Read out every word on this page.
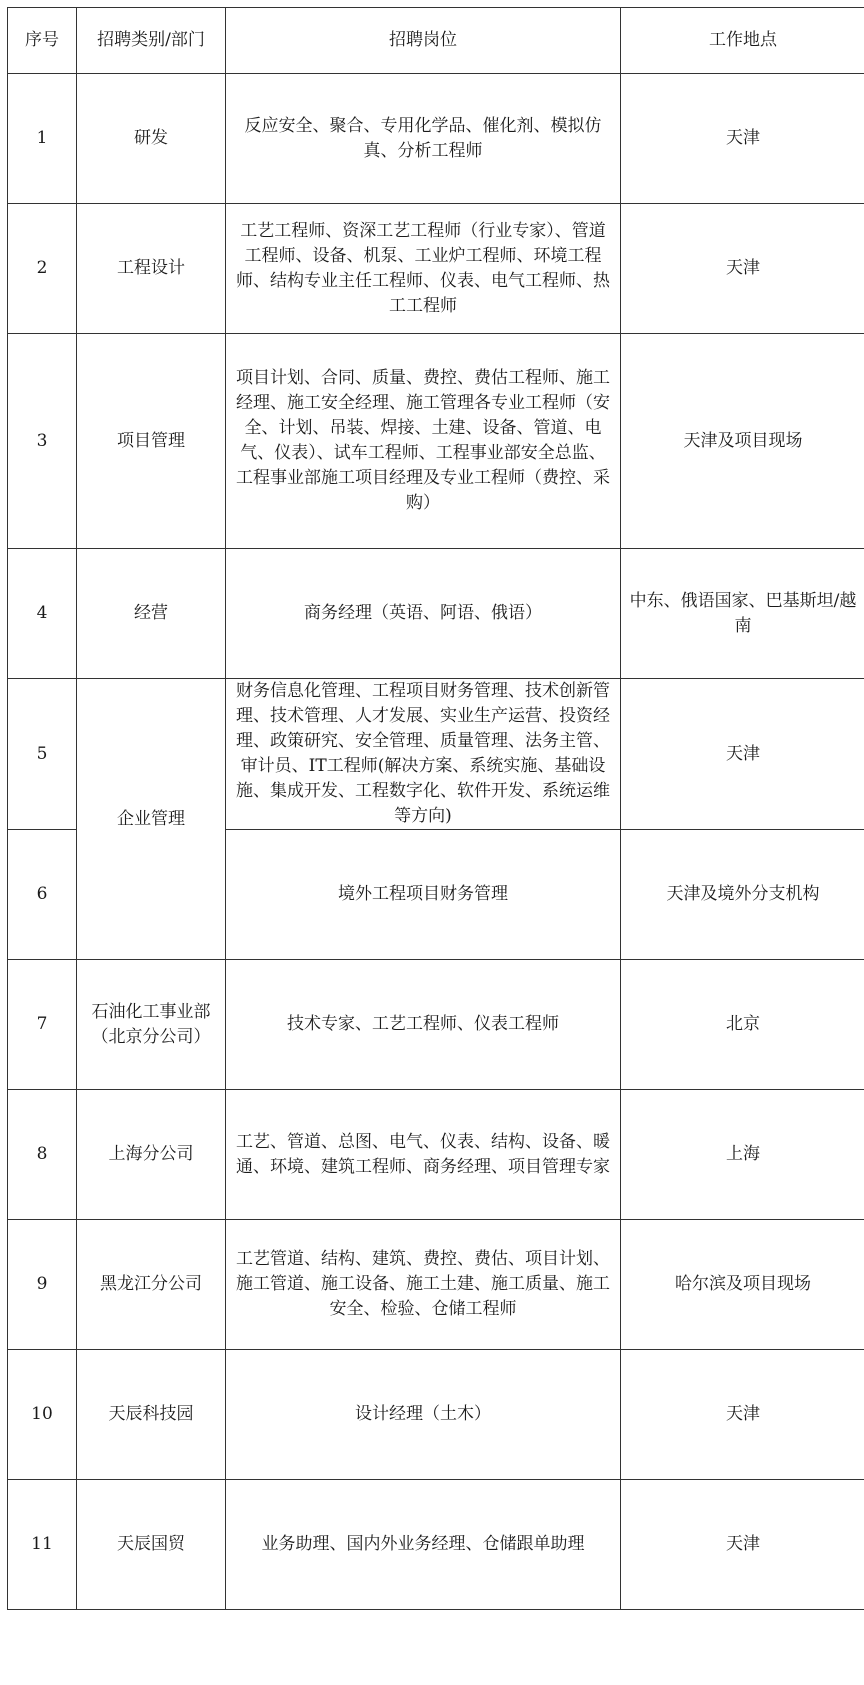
序号	招聘类别/部门	招聘岗位	工作地点
1	研发	反应安全、聚合、专用化学品、催化剂、模拟仿真、分析工程师	天津
2	工程设计	工艺工程师、资深工艺工程师（行业专家）、管道工程师、设备、机泵、工业炉工程师、环境工程师、结构专业主任工程师、仪表、电气工程师、热工工程师	天津
3	项目管理	项目计划、合同、质量、费控、费估工程师、施工经理、施工安全经理、施工管理各专业工程师（安全、计划、吊装、焊接、土建、设备、管道、电气、仪表）、试车工程师、工程事业部安全总监、工程事业部施工项目经理及专业工程师（费控、采购）	天津及项目现场
4	经营	商务经理（英语、阿语、俄语）	中东、俄语国家、巴基斯坦/越南
5	企业管理	财务信息化管理、工程项目财务管理、技术创新管理、技术管理、人才发展、实业生产运营、投资经理、政策研究、安全管理、质量管理、法务主管、审计员、IT工程师(解决方案、系统实施、基础设施、集成开发、工程数字化、软件开发、系统运维等方向)	天津
6		境外工程项目财务管理	天津及境外分支机构
7	石油化工事业部（北京分公司）	技术专家、工艺工程师、仪表工程师	北京
8	上海分公司	工艺、管道、总图、电气、仪表、结构、设备、暖通、环境、建筑工程师、商务经理、项目管理专家	上海
9	黑龙江分公司	工艺管道、结构、建筑、费控、费估、项目计划、施工管道、施工设备、施工土建、施工质量、施工安全、检验、仓储工程师	哈尔滨及项目现场
10	天辰科技园	设计经理（土木）	天津
11	天辰国贸	业务助理、国内外业务经理、仓储跟单助理	天津
